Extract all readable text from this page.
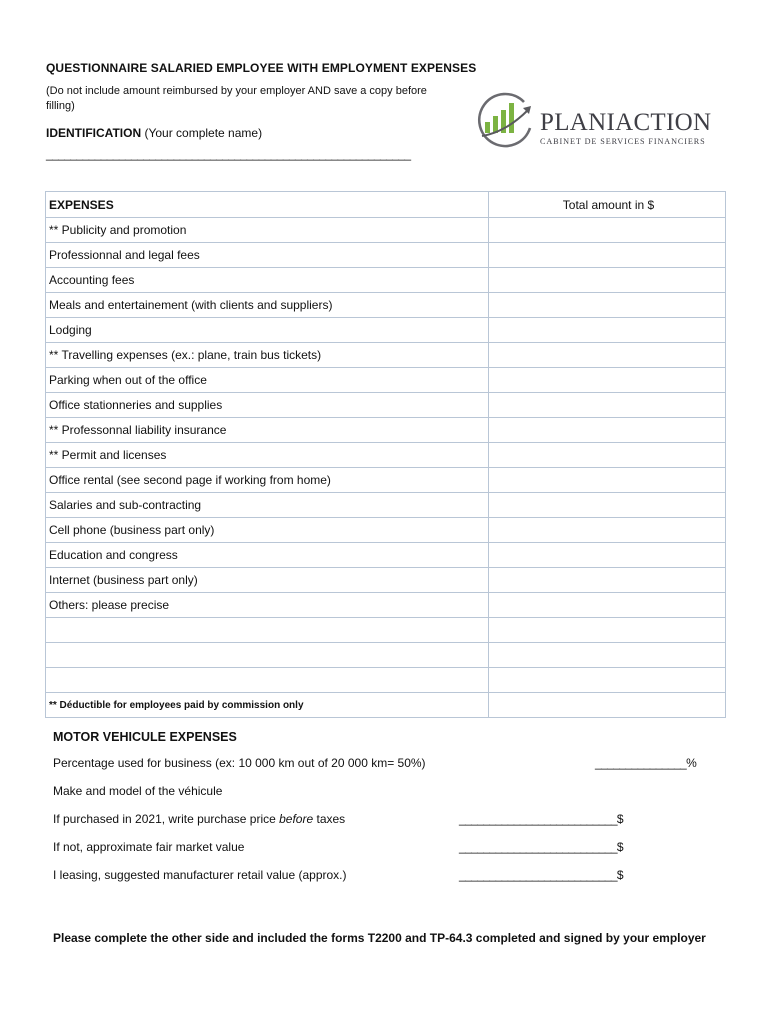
QUESTIONNAIRE SALARIED EMPLOYEE WITH EMPLOYMENT EXPENSES
(Do not include amount reimbursed by your employer AND save a copy before filling)
IDENTIFICATION (Your complete name)
____________________________________________________________
PLANIACTION
CABINET DE SERVICES FINANCIERS
EXPENSES	Total amount in $
** Publicity and promotion	
Professionnal and legal fees	
Accounting fees	
Meals and entertainement (with clients and suppliers)	
Lodging	
** Travelling expenses (ex.: plane, train bus tickets)	
Parking when out of the office	
Office stationneries and supplies	
** Professonnal liability insurance	
** Permit and licenses	
Office rental (see second page if working from home)	
Salaries and sub-contracting	
Cell phone (business part only)	
Education and congress	
Internet (business part only)	
Others: please precise	

** Déductible for employees paid by commission only	
MOTOR VEHICULE EXPENSES
Percentage used for business (ex: 10 000 km out of 20 000 km= 50%)	_______________%
Make and model of the véhicule
If purchased in 2021, write purchase price before taxes	__________________________$
If not, approximate fair market value	__________________________$
I leasing, suggested manufacturer retail value (approx.)	__________________________$
Please complete the other side and included the forms T2200 and TP-64.3 completed and signed by your employer
